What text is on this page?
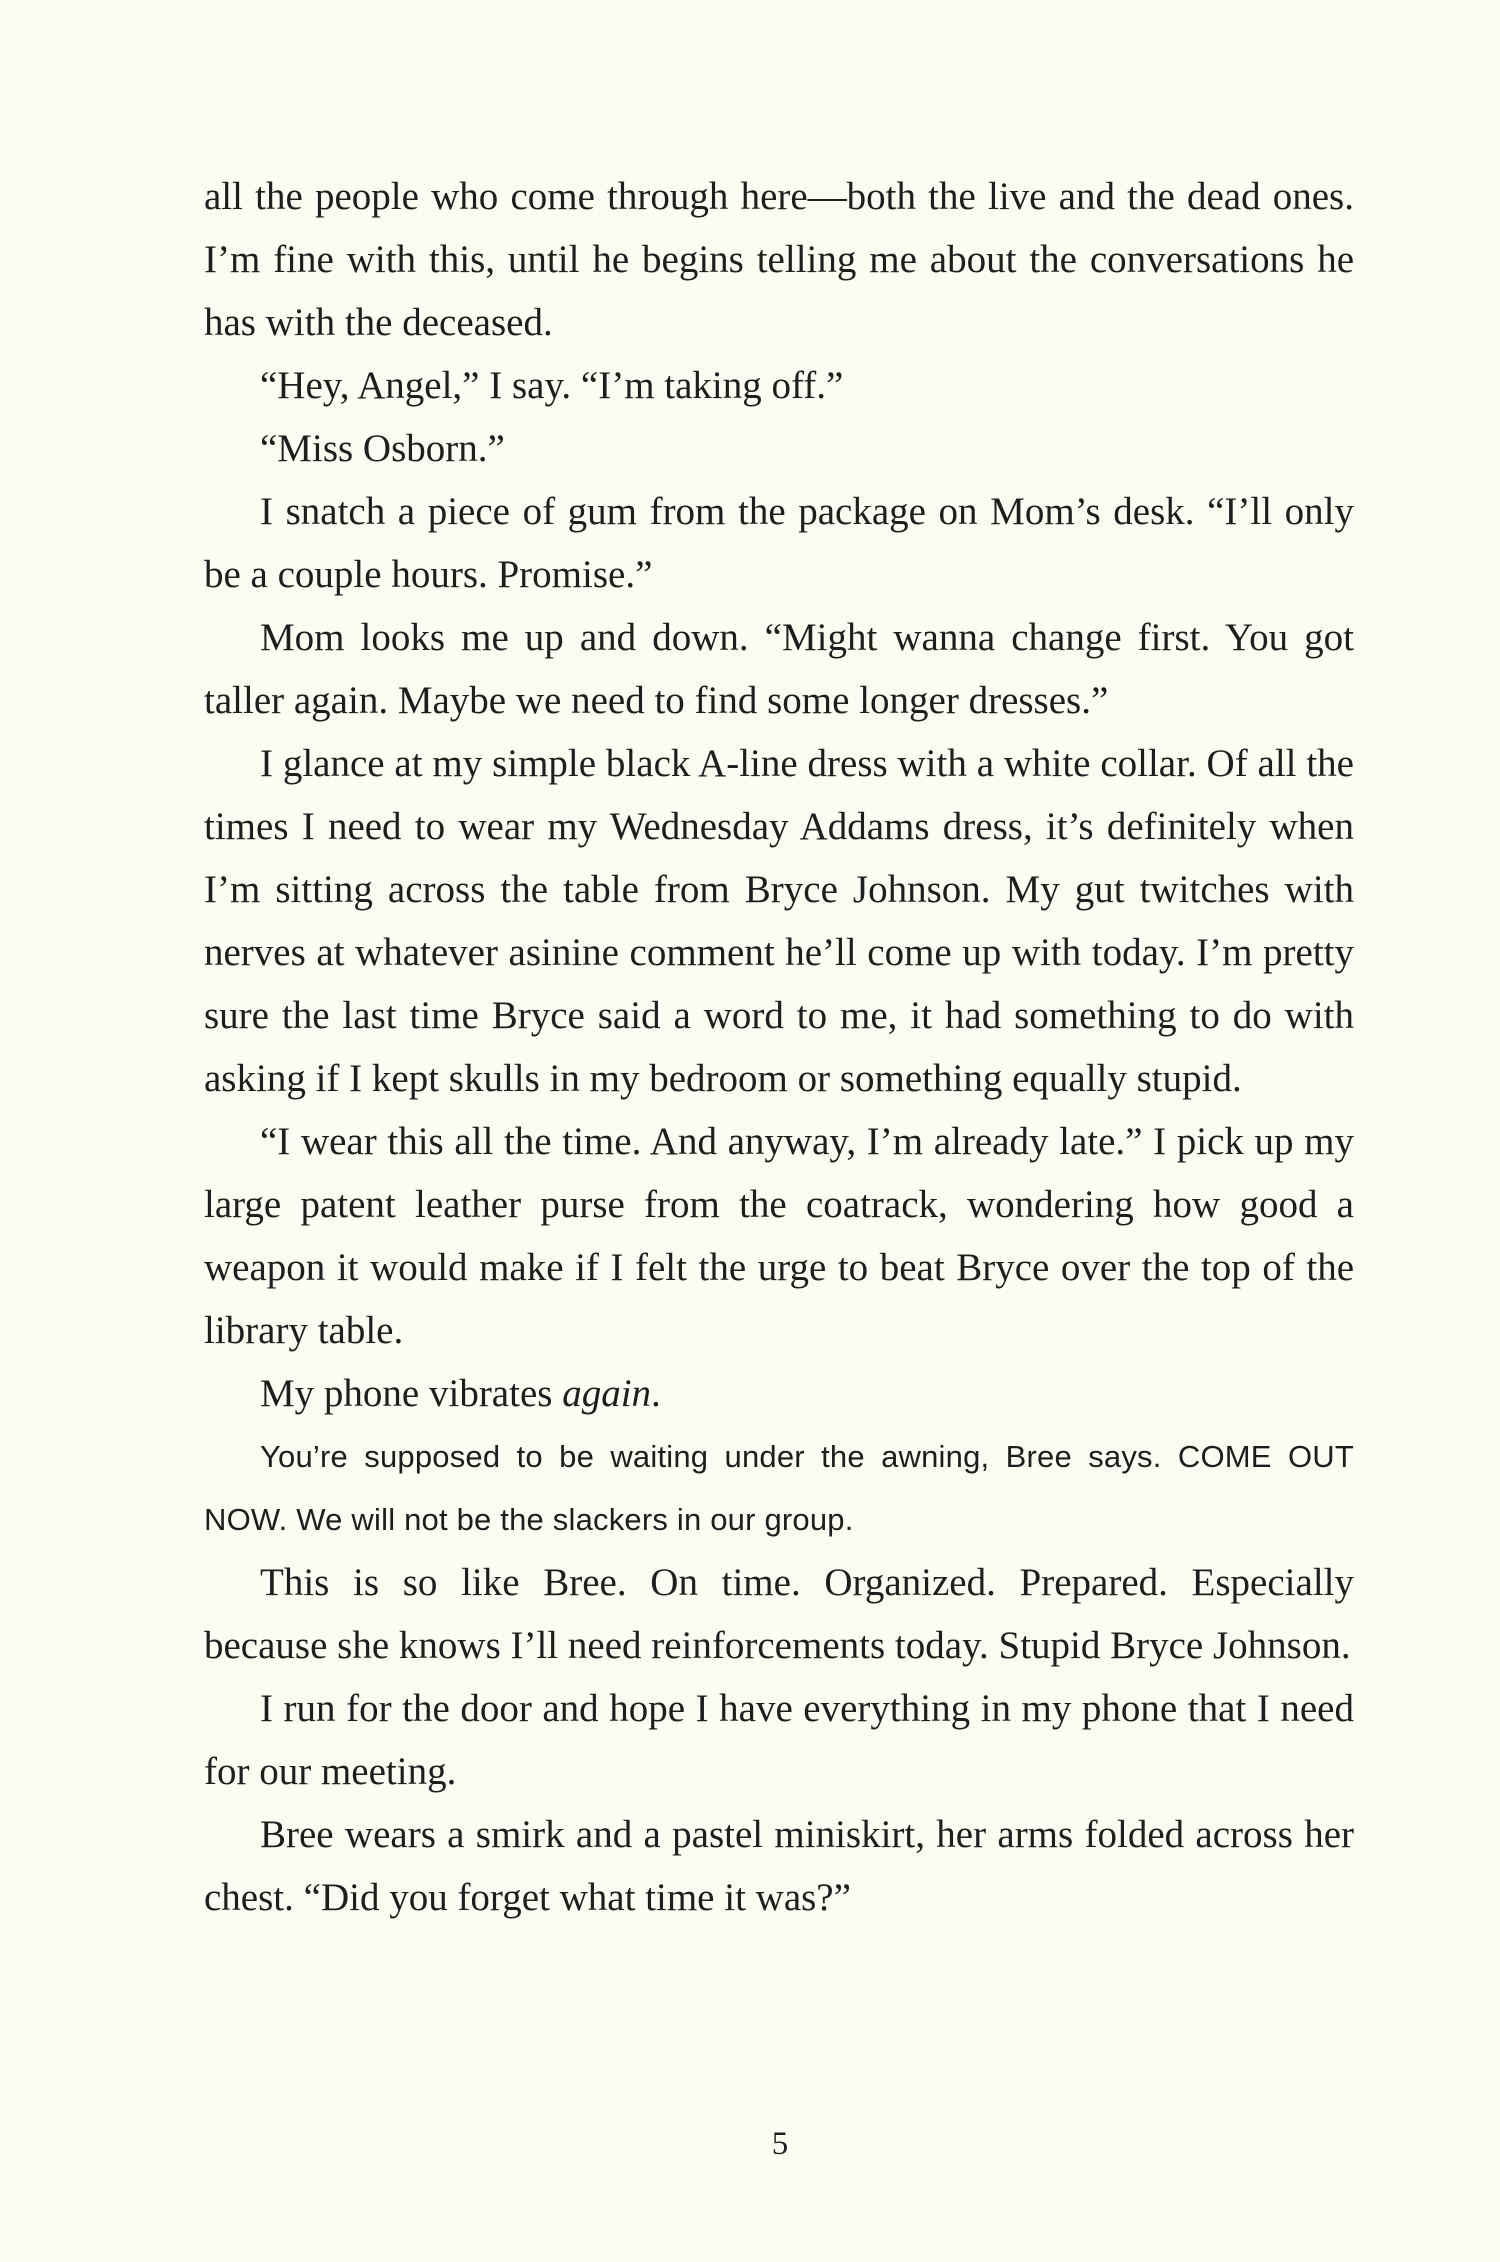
all the people who come through here—both the live and the dead ones. I’m fine with this, until he begins telling me about the conversations he has with the deceased.

“Hey, Angel,” I say. “I’m taking off.”

“Miss Osborn.”

I snatch a piece of gum from the package on Mom’s desk. “I’ll only be a couple hours. Promise.”

Mom looks me up and down. “Might wanna change first. You got taller again. Maybe we need to find some longer dresses.”

I glance at my simple black A-line dress with a white collar. Of all the times I need to wear my Wednesday Addams dress, it’s definitely when I’m sitting across the table from Bryce Johnson. My gut twitches with nerves at whatever asinine comment he’ll come up with today. I’m pretty sure the last time Bryce said a word to me, it had something to do with asking if I kept skulls in my bedroom or something equally stupid.

“I wear this all the time. And anyway, I’m already late.” I pick up my large patent leather purse from the coatrack, wondering how good a weapon it would make if I felt the urge to beat Bryce over the top of the library table.

My phone vibrates again.

You’re supposed to be waiting under the awning, Bree says. COME OUT NOW. We will not be the slackers in our group.

This is so like Bree. On time. Organized. Prepared. Especially because she knows I’ll need reinforcements today. Stupid Bryce Johnson.

I run for the door and hope I have everything in my phone that I need for our meeting.

Bree wears a smirk and a pastel miniskirt, her arms folded across her chest. “Did you forget what time it was?”

5
